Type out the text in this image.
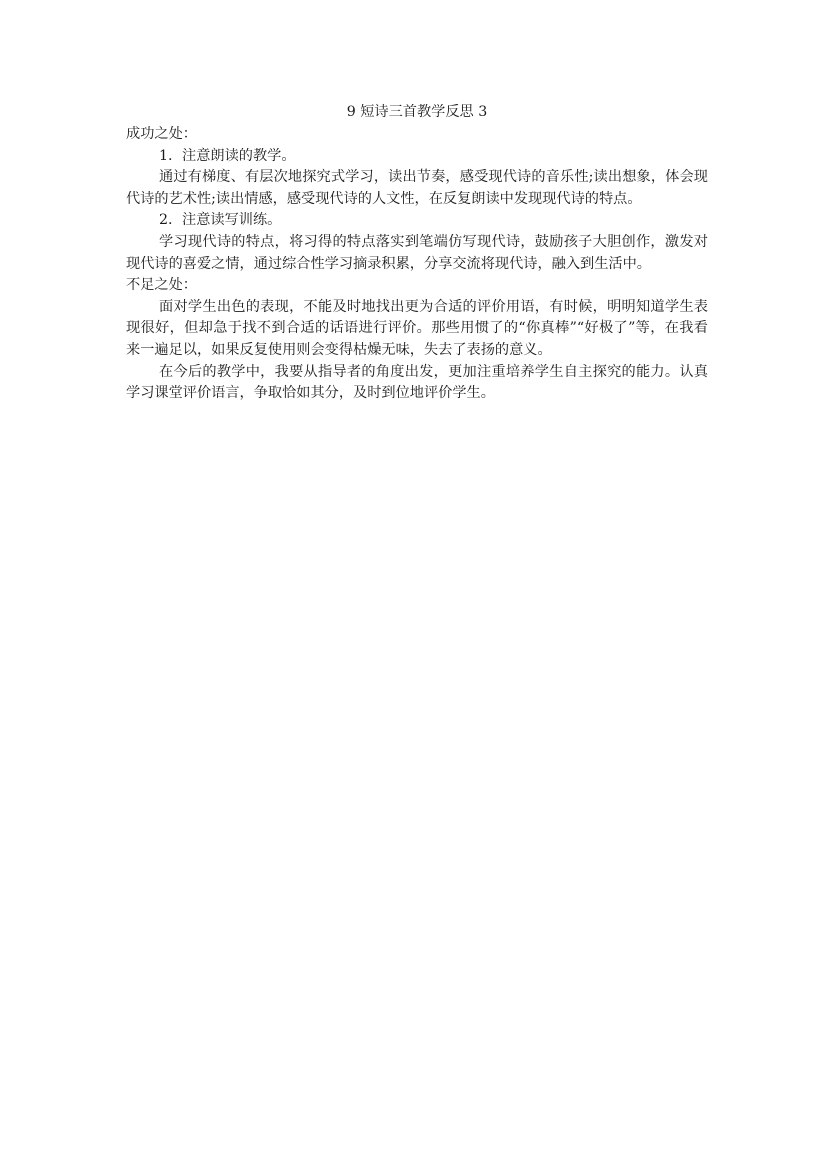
9 短诗三首教学反思 3

成功之处：

1. 注意朗读的教学。

通过有梯度、有层次地探究式学习，读出节奏，感受现代诗的音乐性;读出想象，体会现代诗的艺术性;读出情感，感受现代诗的人文性，在反复朗读中发现现代诗的特点。

2. 注意读写训练。

学习现代诗的特点，将习得的特点落实到笔端仿写现代诗，鼓励孩子大胆创作，激发对现代诗的喜爱之情，通过综合性学习摘录积累，分享交流将现代诗，融入到生活中。

不足之处：

面对学生出色的表现，不能及时地找出更为合适的评价用语，有时候，明明知道学生表现很好，但却急于找不到合适的话语进行评价。那些用惯了的“你真棒”“好极了”等，在我看来一遍足以，如果反复使用则会变得枯燥无味，失去了表扬的意义。

在今后的教学中，我要从指导者的角度出发，更加注重培养学生自主探究的能力。认真学习课堂评价语言，争取恰如其分，及时到位地评价学生。
